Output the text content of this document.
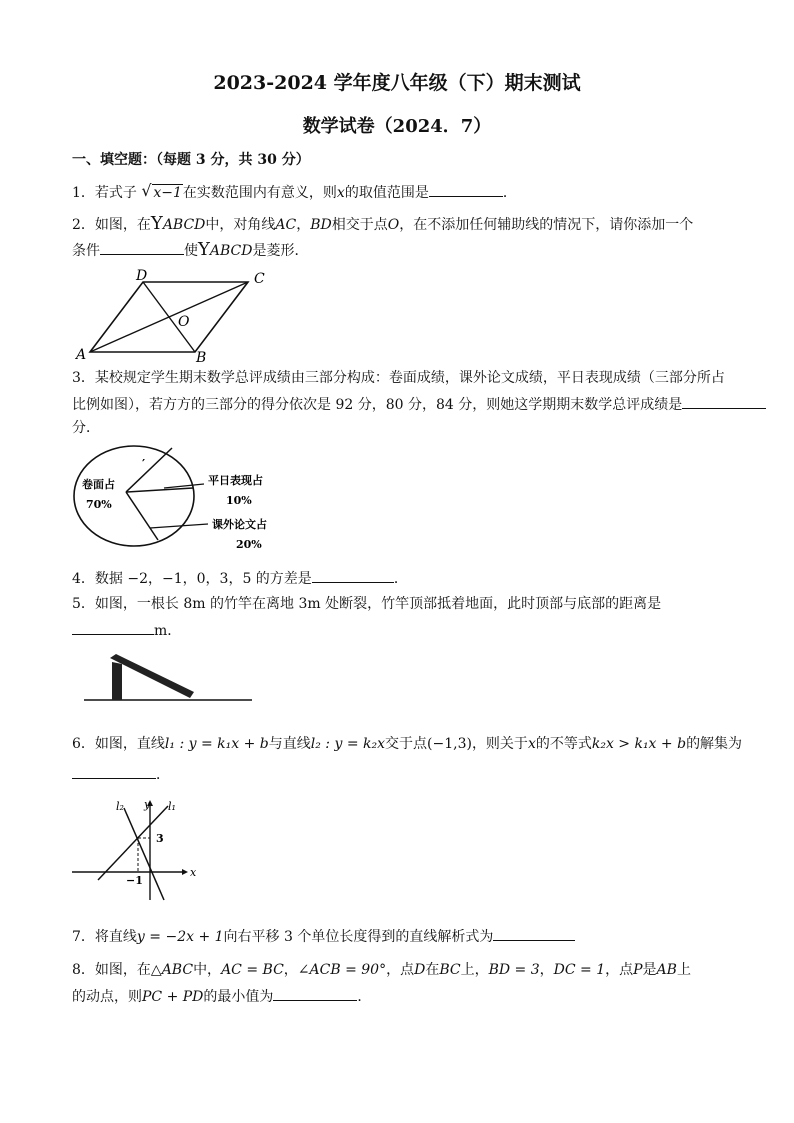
2023-2024 学年度八年级（下）期末测试
数学试卷（2024．7）
一、填空题：（每题 3 分，共 30 分）
1．若式子 √ x−1在实数范围内有意义，则x的取值范围是	．
2．如图，在YABCD中，对角线AC，BD相交于点O，在不添加任何辅助线的情况下，请你添加一个
条件	使YABCD是菱形．
A	B
C
D
O
3．某校规定学生期末数学总评成绩由三部分构成：卷面成绩，课外论文成绩，平日表现成绩（三部分所占
比例如图），若方方的三部分的得分依次是 92 分，80 分，84 分，则她这学期期末数学总评成绩是
分．
′
卷面占
70%
平日表现占
10%
课外论文占
20%
4．数据 −2，−1，0，3，5 的方差是	．
5．如图，一根长 8m 的竹竿在离地 3m 处断裂，竹竿顶部抵着地面，此时顶部与底部的距离是
m．
6．如图，直线l₁ : y = k₁x + b与直线l₂ : y = k₂x交于点(−1,3)，则关于x的不等式k₂x > k₁x + b的解集为
．
l₂ y l₁
3
−1
x
7．将直线y = −2x + 1向右平移 3 个单位长度得到的直线解析式为
8．如图，在△ABC中，AC = BC，∠ACB = 90°，点D在BC上，BD = 3，DC = 1，点P是AB上
的动点，则PC + PD的最小值为	．
